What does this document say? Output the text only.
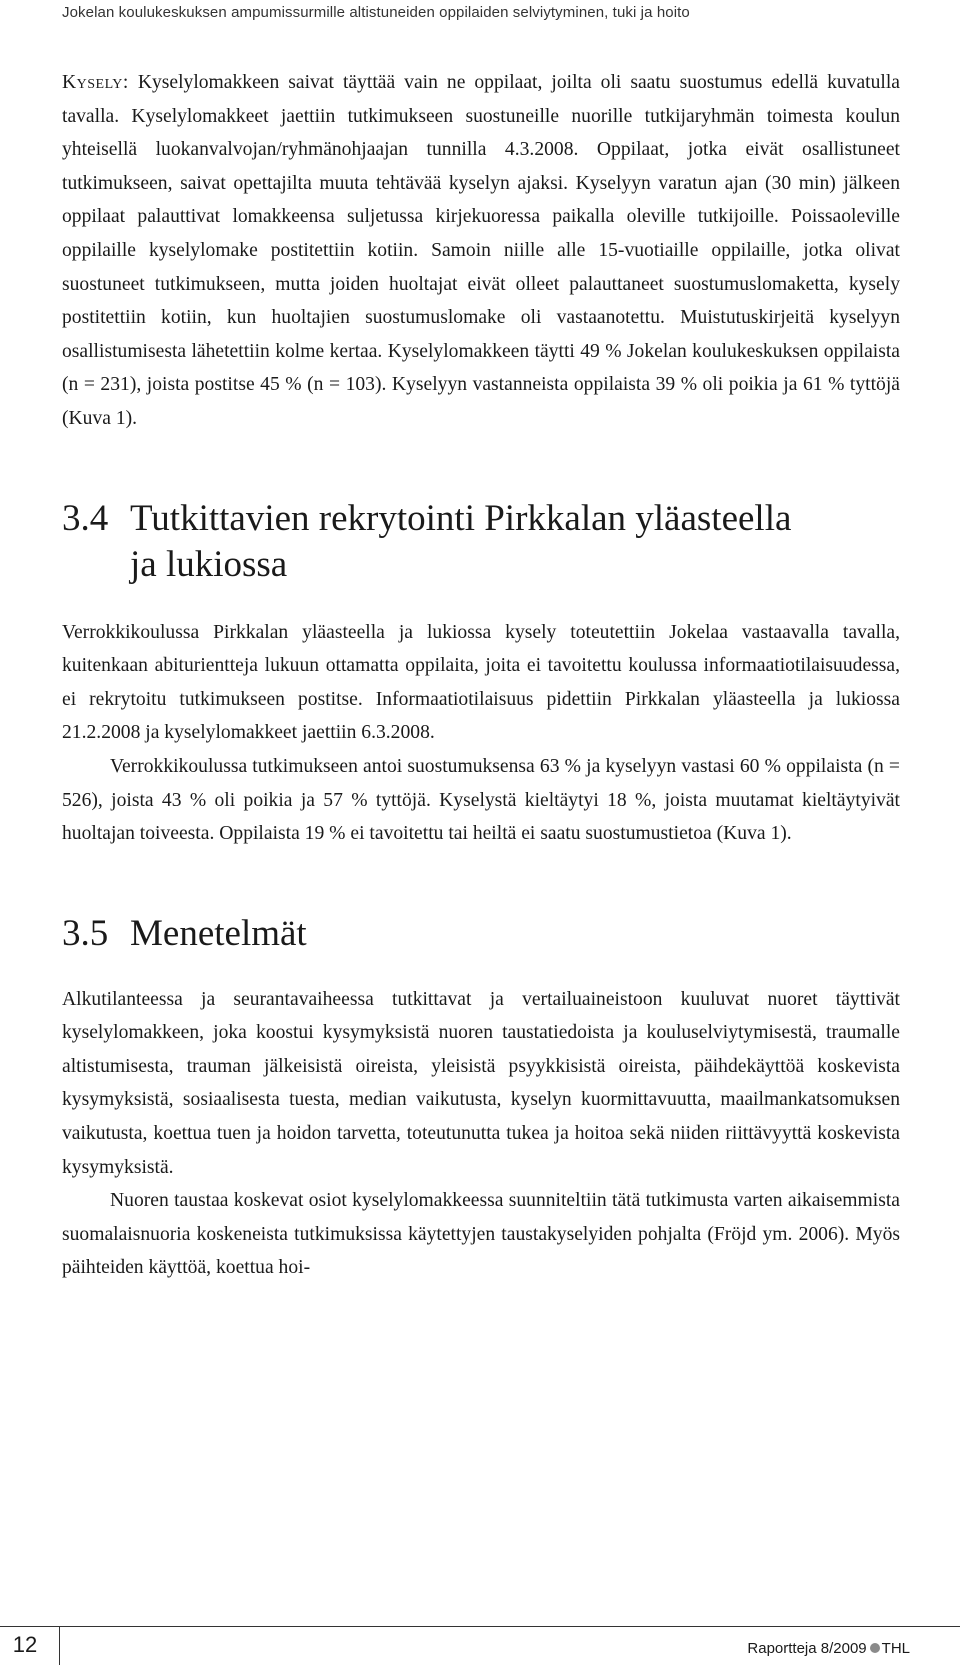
Jokelan koulukeskuksen ampumissurmille altistuneiden oppilaiden selviytyminen, tuki ja hoito

Kysely: Kyselylomakkeen saivat täyttää vain ne oppilaat, joilta oli saatu suostumus edellä kuvatulla tavalla. Kyselylomakkeet jaettiin tutkimukseen suostuneille nuorille tutkijaryhmän toimesta koulun yhteisellä luokanvalvojan/ryhmänohjaajan tunnilla 4.3.2008. Oppilaat, jotka eivät osallistuneet tutkimukseen, saivat opettajilta muuta tehtävää kyselyn ajaksi. Kyselyyn varatun ajan (30 min) jälkeen oppilaat palauttivat lomakkeensa suljetussa kirjekuoressa paikalla oleville tutkijoille. Poissaoleville oppilaille kyselylomake postitettiin kotiin. Samoin niille alle 15-vuotiaille oppilaille, jotka olivat suostuneet tutkimukseen, mutta joiden huoltajat eivät olleet palauttaneet suostumuslomaketta, kysely postitettiin kotiin, kun huoltajien suostumuslomake oli vastaanotettu. Muistutuskirjeitä kyselyyn osallistumisesta lähetettiin kolme kertaa. Kyselylomakkeen täytti 49 % Jokelan koulukeskuksen oppilaista (n = 231), joista postitse 45 % (n = 103). Kyselyyn vastanneista oppilaista 39 % oli poikia ja 61 % tyttöjä (Kuva 1).

3.4 Tutkittavien rekrytointi Pirkkalan yläasteella
ja lukiossa

Verrokkikoulussa Pirkkalan yläasteella ja lukiossa kysely toteutettiin Jokelaa vastaavalla tavalla, kuitenkaan abiturientteja lukuun ottamatta oppilaita, joita ei tavoitettu koulussa informaatiotilaisuudessa, ei rekrytoitu tutkimukseen postitse. Informaatiotilaisuus pidettiin Pirkkalan yläasteella ja lukiossa 21.2.2008 ja kyselylomakkeet jaettiin 6.3.2008.

Verrokkikoulussa tutkimukseen antoi suostumuksensa 63 % ja kyselyyn vastasi 60 % oppilaista (n = 526), joista 43 % oli poikia ja 57 % tyttöjä. Kyselystä kieltäytyi 18 %, joista muutamat kieltäytyivät huoltajan toiveesta. Oppilaista 19 % ei tavoitettu tai heiltä ei saatu suostumustietoa (Kuva 1).

3.5 Menetelmät

Alkutilanteessa ja seurantavaiheessa tutkittavat ja vertailuaineistoon kuuluvat nuoret täyttivät kyselylomakkeen, joka koostui kysymyksistä nuoren taustatiedoista ja kouluselviytymisestä, traumalle altistumisesta, trauman jälkeisistä oireista, yleisistä psyykkisistä oireista, päihdekäyttöä koskevista kysymyksistä, sosiaalisesta tuesta, median vaikutusta, kyselyn kuormittavuutta, maailmankatsomuksen vaikutusta, koettua tuen ja hoidon tarvetta, toteutunutta tukea ja hoitoa sekä niiden riittävyyttä koskevista kysymyksistä.

Nuoren taustaa koskevat osiot kyselylomakkeessa suunniteltiin tätä tutkimusta varten aikaisemmista suomalaisnuoria koskeneista tutkimuksissa käytettyjen taustakyselyiden pohjalta (Fröjd ym. 2006). Myös päihteiden käyttöä, koettua hoi-

12	Raportteja 8/2009 THL
